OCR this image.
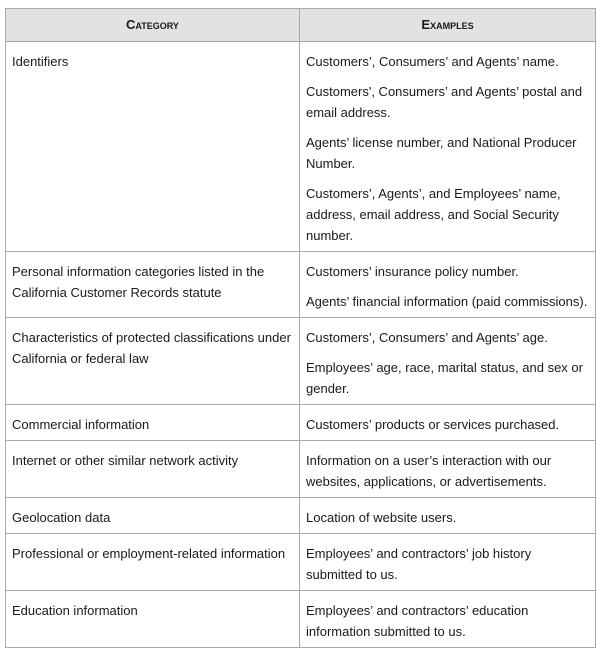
Category	Examples

Identifiers	Customers’, Consumers’ and Agents’ name.

Customers', Consumers’ and Agents’ postal and email address.

Agents’ license number, and National Producer Number.

Customers’, Agents’, and Employees’ name, address, email address, and Social Security number.

Personal information categories listed in the California Customer Records statute	Customers’ insurance policy number.

Agents’ financial information (paid commissions).

Characteristics of protected classifications under California or federal law	Customers’, Consumers’ and Agents’ age.

Employees’ age, race, marital status, and sex or gender.

Commercial information	Customers’ products or services purchased.

Internet or other similar network activity	Information on a user’s interaction with our websites, applications, or advertisements.

Geolocation data	Location of website users.

Professional or employment-related information	Employees’ and contractors’ job history submitted to us.

Education information	Employees’ and contractors’ education information submitted to us.
